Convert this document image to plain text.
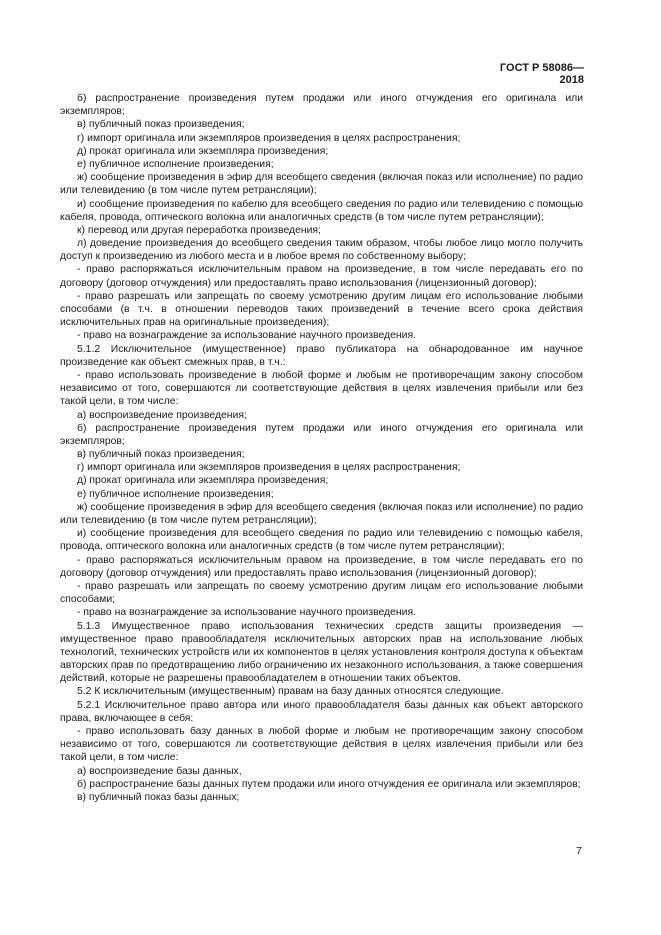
ГОСТ Р 58086—2018

б) распространение произведения путем продажи или иного отчуждения его оригинала или экземпляров;

в) публичный показ произведения;

г) импорт оригинала или экземпляров произведения в целях распространения;

д) прокат оригинала или экземпляра произведения;

е) публичное исполнение произведения;

ж) сообщение произведения в эфир для всеобщего сведения (включая показ или исполнение) по радио или телевидению (в том числе путем ретрансляции);

и) сообщение произведения по кабелю для всеобщего сведения по радио или телевидению с помощью кабеля, провода, оптического волокна или аналогичных средств (в том числе путем ретрансляции);

к) перевод или другая переработка произведения;

л) доведение произведения до всеобщего сведения таким образом, чтобы любое лицо могло получить доступ к произведению из любого места и в любое время по собственному выбору;

- право распоряжаться исключительным правом на произведение, в том числе передавать его по договору (договор отчуждения) или предоставлять право использования (лицензионный договор);

- право разрешать или запрещать по своему усмотрению другим лицам его использование любыми способами (в т.ч. в отношении переводов таких произведений в течение всего срока действия исключительных прав на оригинальные произведения);

- право на вознаграждение за использование научного произведения.

5.1.2 Исключительное (имущественное) право публикатора на обнародованное им научное произведение как объект смежных прав, в т.ч.:

- право использовать произведение в любой форме и любым не противоречащим закону способом независимо от того, совершаются ли соответствующие действия в целях извлечения прибыли или без такой цели, в том числе:

а) воспроизведение произведения;

б) распространение произведения путем продажи или иного отчуждения его оригинала или экземпляров;

в) публичный показ произведения;

г) импорт оригинала или экземпляров произведения в целях распространения;

д) прокат оригинала или экземпляра произведения;

е) публичное исполнение произведения;

ж) сообщение произведения в эфир для всеобщего сведения (включая показ или исполнение) по радио или телевидению (в том числе путем ретрансляции);

и) сообщение произведения для всеобщего сведения по радио или телевидению с помощью кабеля, провода, оптического волокна или аналогичных средств (в том числе путем ретрансляции);

- право распоряжаться исключительным правом на произведение, в том числе передавать его по договору (договор отчуждения) или предоставлять право использования (лицензионный договор);

- право разрешать или запрещать по своему усмотрению другим лицам его использование любыми способами;

- право на вознаграждение за использование научного произведения.

5.1.3 Имущественное право использования технических средств защиты произведения — имущественное право правообладателя исключительных авторских прав на использование любых технологий, технических устройств или их компонентов в целях установления контроля доступа к объектам авторских прав по предотвращению либо ограничению их незаконного использования, а также совершения действий, которые не разрешены правообладателем в отношении таких объектов.

5.2 К исключительным (имущественным) правам на базу данных относятся следующие.

5.2.1 Исключительное право автора или иного правообладателя базы данных как объект авторского права, включающее в себя:

- право использовать базу данных в любой форме и любым не противоречащим закону способом независимо от того, совершаются ли соответствующие действия в целях извлечения прибыли или без такой цели, в том числе:

а) воспроизведение базы данных,

б) распространение базы данных путем продажи или иного отчуждения ее оригинала или экземпляров;

в) публичный показ базы данных;

7
